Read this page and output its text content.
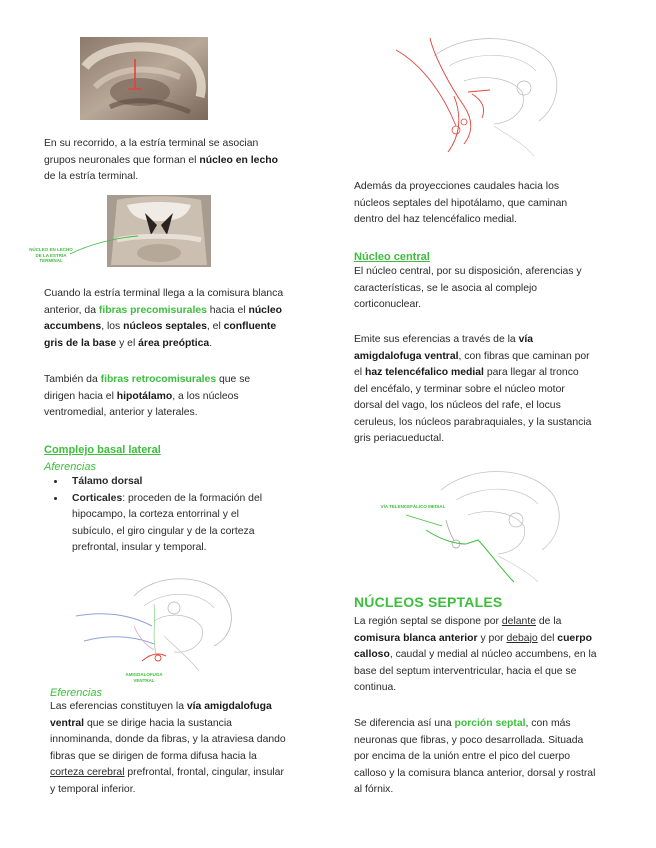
En su recorrido, a la estría terminal se asocian grupos neuronales que forman el núcleo en lecho de la estría terminal.

NÚCLEO EN LECHO DE LA ESTRÍA TERMINAL

Cuando la estría terminal llega a la comisura blanca anterior, da fibras precomisurales hacia el núcleo accumbens, los núcleos septales, el confluente gris de la base y el área preóptica.

También da fibras retrocomisurales que se dirigen hacia el hipotálamo, a los núcleos ventromedial, anterior y laterales.

Complejo basal lateral
Aferencias
• Tálamo dorsal
• Corticales: proceden de la formación del hipocampo, la corteza entorrinal y el subículo, el giro cingular y de la corteza prefrontal, insular y temporal.
AMIGDALOFUGA VENTRAL
Eferencias

Las eferencias constituyen la vía amigdalofuga ventral que se dirige hacia la sustancia innominanda, donde da fibras, y la atraviesa dando fibras que se dirigen de forma difusa hacia la corteza cerebral prefrontal, frontal, cingular, insular y temporal inferior.

Además da proyecciones caudales hacia los núcleos septales del hipotálamo, que caminan dentro del haz telencéfalico medial.

Núcleo central

El núcleo central, por su disposición, aferencias y características, se le asocia al complejo corticonuclear.

Emite sus eferencias a través de la vía amigdalofuga ventral, con fibras que caminan por el haz telencéfalico medial para llegar al tronco del encéfalo, y terminar sobre el núcleo motor dorsal del vago, los núcleos del rafe, el locus ceruleus, los núcleos parabraquiales, y la sustancia gris periacueductal.

VÍA TELENCEFÁLICO MEDIAL
NÚCLEOS SEPTALES

La región septal se dispone por delante de la comisura blanca anterior y por debajo del cuerpo calloso, caudal y medial al núcleo accumbens, en la base del septum interventricular, hacia el que se continua.

Se diferencia así una porción septal, con más neuronas que fibras, y poco desarrollada. Situada por encima de la unión entre el pico del cuerpo calloso y la comisura blanca anterior, dorsal y rostral al fórnix.
